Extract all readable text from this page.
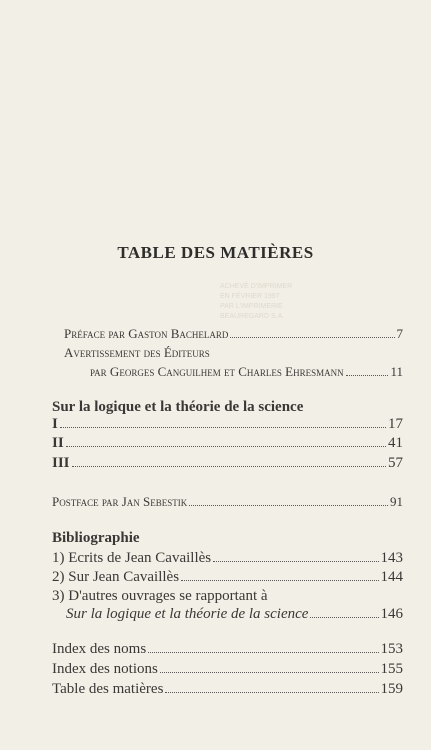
TABLE DES MATIÈRES
ACHEVÉ D'IMPRIMER
EN FÉVRIER 1997
PAR L'IMPRIMERIE
BEAUREGARD S.A.
Préface par Gaston Bachelard	7
Avertissement des Éditeurs
par Georges Canguilhem et Charles Ehresmann	11
Sur la logique et la théorie de la science
I	17
II	41
III	57
Postface par Jan Sebestik	91
Bibliographie
1) Ecrits de Jean Cavaillès	143
2) Sur Jean Cavaillès	144
3) D'autres ouvrages se rapportant à
Sur la logique et la théorie de la science	146
Index des noms	153
Index des notions	155
Table des matières	159
